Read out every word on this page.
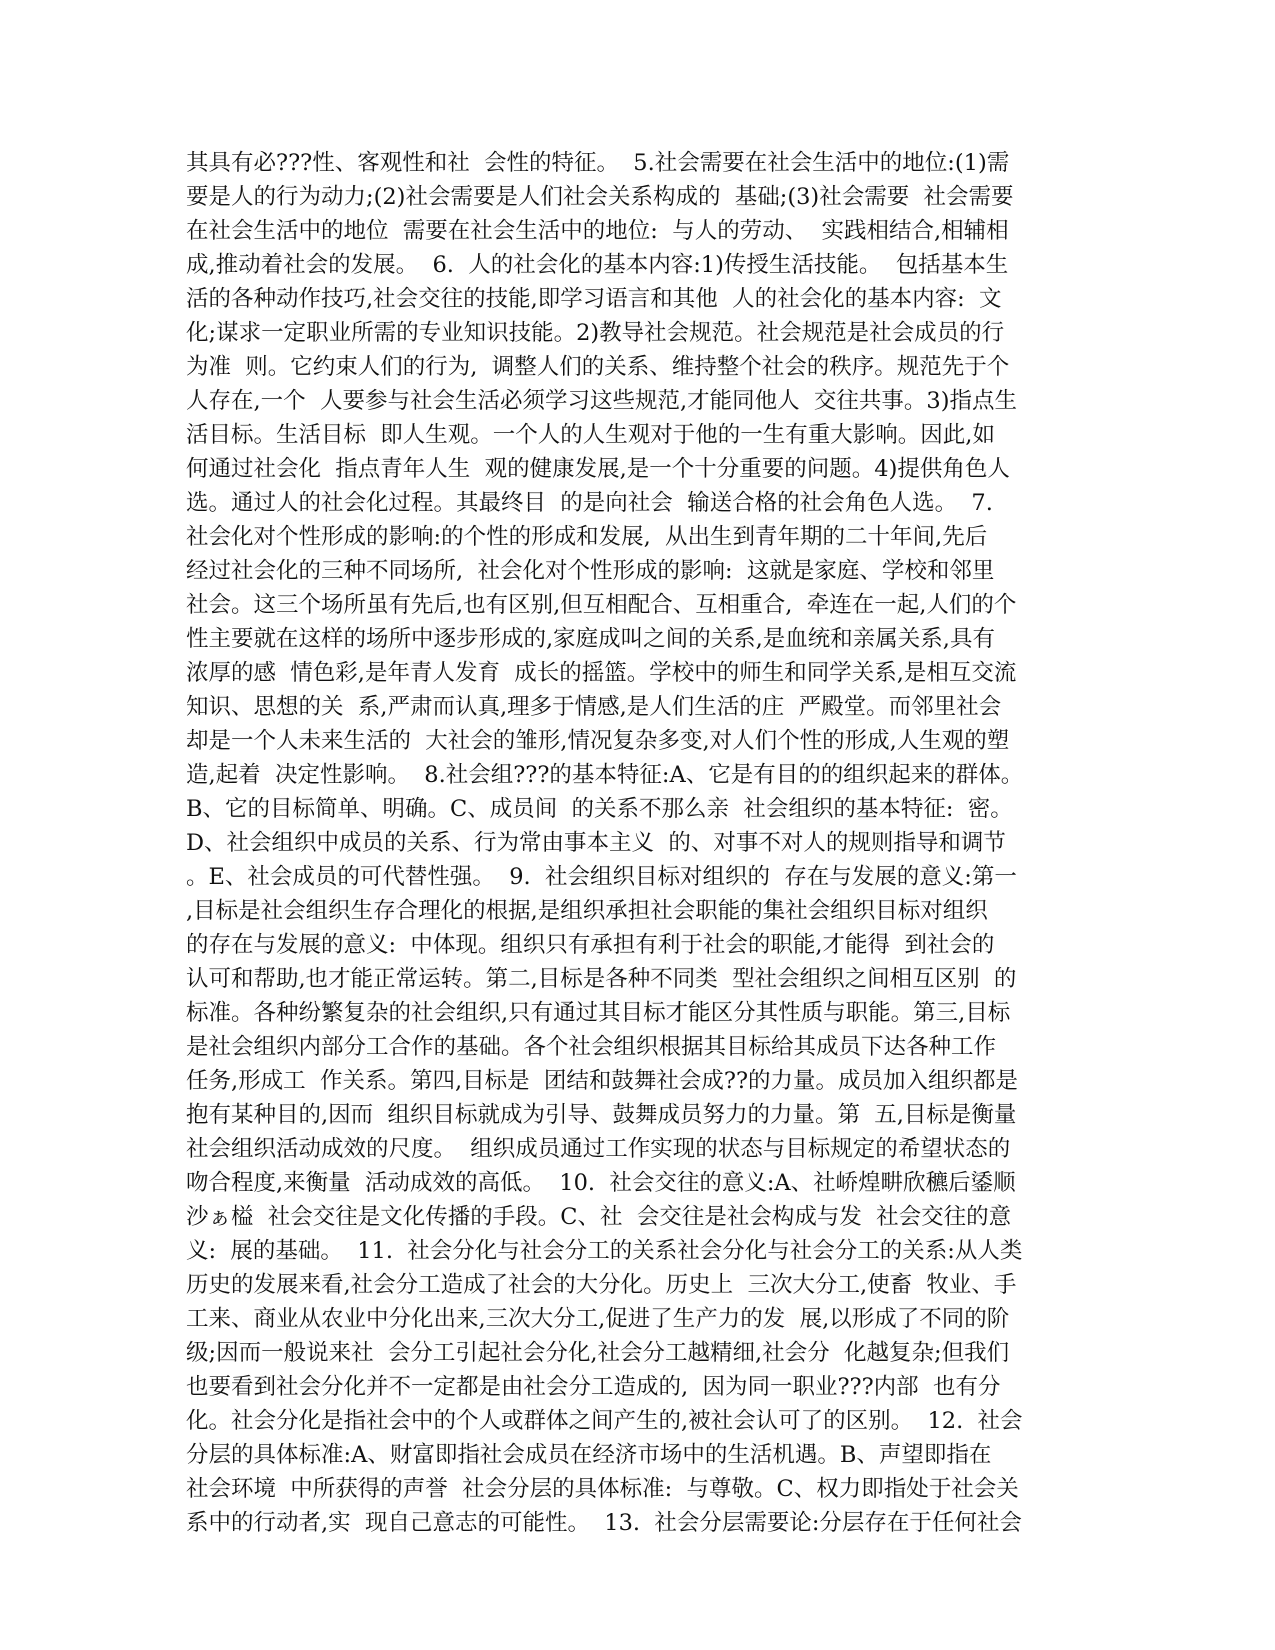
其具有必???性、客观性和社  会性的特征。  5.社会需要在社会生活中的地位:(1)需
要是人的行为动力;(2)社会需要是人们社会关系构成的  基础;(3)社会需要  社会需要
在社会生活中的地位  需要在社会生活中的地位:  与人的劳动、  实践相结合,相辅相
成,推动着社会的发展。  6.  人的社会化的基本内容:1)传授生活技能。  包括基本生
活的各种动作技巧,社会交往的技能,即学习语言和其他  人的社会化的基本内容:  文
化;谋求一定职业所需的专业知识技能。2)教导社会规范。社会规范是社会成员的行
为准  则。它约束人们的行为,  调整人们的关系、维持整个社会的秩序。规范先于个
人存在,一个  人要参与社会生活必须学习这些规范,才能同他人  交往共事。3)指点生
活目标。生活目标  即人生观。一个人的人生观对于他的一生有重大影响。因此,如
何通过社会化  指点青年人生  观的健康发展,是一个十分重要的问题。4)提供角色人
选。通过人的社会化过程。其最终目  的是向社会  输送合格的社会角色人选。  7.
社会化对个性形成的影响:的个性的形成和发展,  从出生到青年期的二十年间,先后
经过社会化的三种不同场所,  社会化对个性形成的影响:  这就是家庭、学校和邻里
社会。这三个场所虽有先后,也有区别,但互相配合、互相重合,  牵连在一起,人们的个
性主要就在这样的场所中逐步形成的,家庭成叫之间的关系,是血统和亲属关系,具有
浓厚的感  情色彩,是年青人发育  成长的摇篮。学校中的师生和同学关系,是相互交流
知识、思想的关  系,严肃而认真,理多于情感,是人们生活的庄  严殿堂。而邻里社会
却是一个人未来生活的  大社会的雏形,情况复杂多变,对人们个性的形成,人生观的塑
造,起着  决定性影响。  8.社会组???的基本特征:A、它是有目的的组织起来的群体。
B、它的目标简单、明确。C、成员间  的关系不那么亲  社会组织的基本特征:  密。
D、社会组织中成员的关系、行为常由事本主义  的、对事不对人的规则指导和调节
。E、社会成员的可代替性强。  9.  社会组织目标对组织的  存在与发展的意义:第一
,目标是社会组织生存合理化的根据,是组织承担社会职能的集社会组织目标对组织
的存在与发展的意义:  中体现。组织只有承担有利于社会的职能,才能得  到社会的
认可和帮助,也才能正常运转。第二,目标是各种不同类  型社会组织之间相互区别  的
标准。各种纷繁复杂的社会组织,只有通过其目标才能区分其性质与职能。第三,目标
是社会组织内部分工合作的基础。各个社会组织根据其目标给其成员下达各种工作
任务,形成工  作关系。第四,目标是  团结和鼓舞社会成??的力量。成员加入组织都是
抱有某种目的,因而  组织目标就成为引导、鼓舞成员努力的力量。第  五,目标是衡量
社会组织活动成效的尺度。  组织成员通过工作实现的状态与目标规定的希望状态的
吻合程度,来衡量  活动成效的高低。  10.  社会交往的意义:A、社峤煌畊欣穮后鋈顺
沙ぁ榏  社会交往是文化传播的手段。C、社  会交往是社会构成与发  社会交往的意
义:  展的基础。  11.  社会分化与社会分工的关系社会分化与社会分工的关系:从人类
历史的发展来看,社会分工造成了社会的大分化。历史上  三次大分工,使畜  牧业、手
工来、商业从农业中分化出来,三次大分工,促进了生产力的发  展,以形成了不同的阶
级;因而一般说来社  会分工引起社会分化,社会分工越精细,社会分  化越复杂;但我们
也要看到社会分化并不一定都是由社会分工造成的,  因为同一职业???内部  也有分
化。社会分化是指社会中的个人或群体之间产生的,被社会认可了的区别。  12.  社会
分层的具体标准:A、财富即指社会成员在经济市场中的生活机遇。B、声望即指在
社会环境  中所获得的声誉  社会分层的具体标准:  与尊敬。C、权力即指处于社会关
系中的行动者,实  现自己意志的可能性。  13.  社会分层需要论:分层存在于任何社会
